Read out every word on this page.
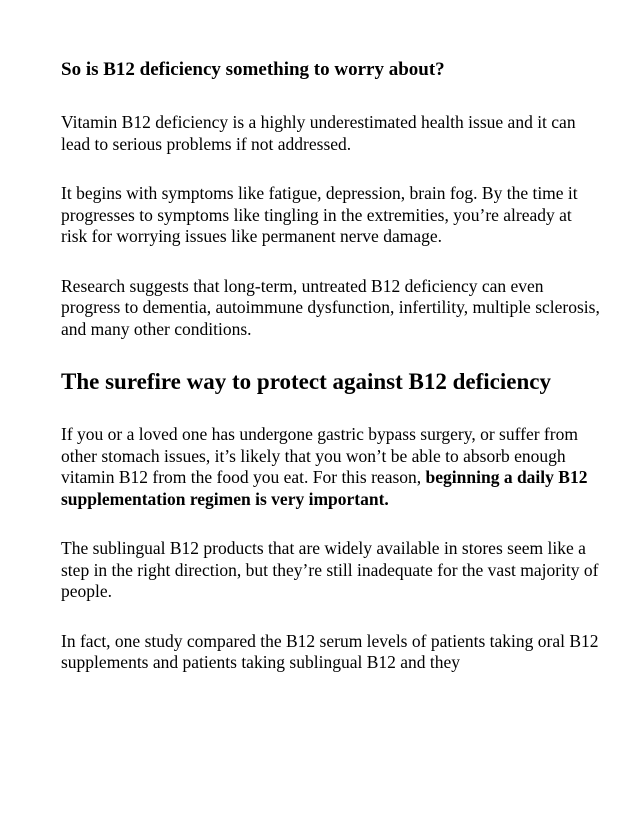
So is B12 deficiency something to worry about?

Vitamin B12 deficiency is a highly underestimated health issue and it can lead to serious problems if not addressed.

It begins with symptoms like fatigue, depression, brain fog. By the time it progresses to symptoms like tingling in the extremities, you’re already at risk for worrying issues like permanent nerve damage.

Research suggests that long-term, untreated B12 deficiency can even progress to dementia, autoimmune dysfunction, infertility, multiple sclerosis, and many other conditions.

The surefire way to protect against B12 deficiency

If you or a loved one has undergone gastric bypass surgery, or suffer from other stomach issues, it’s likely that you won’t be able to absorb enough vitamin B12 from the food you eat. For this reason, beginning a daily B12 supplementation regimen is very important.

The sublingual B12 products that are widely available in stores seem like a step in the right direction, but they’re still inadequate for the vast majority of people.

In fact, one study compared the B12 serum levels of patients taking oral B12 supplements and patients taking sublingual B12 and they
